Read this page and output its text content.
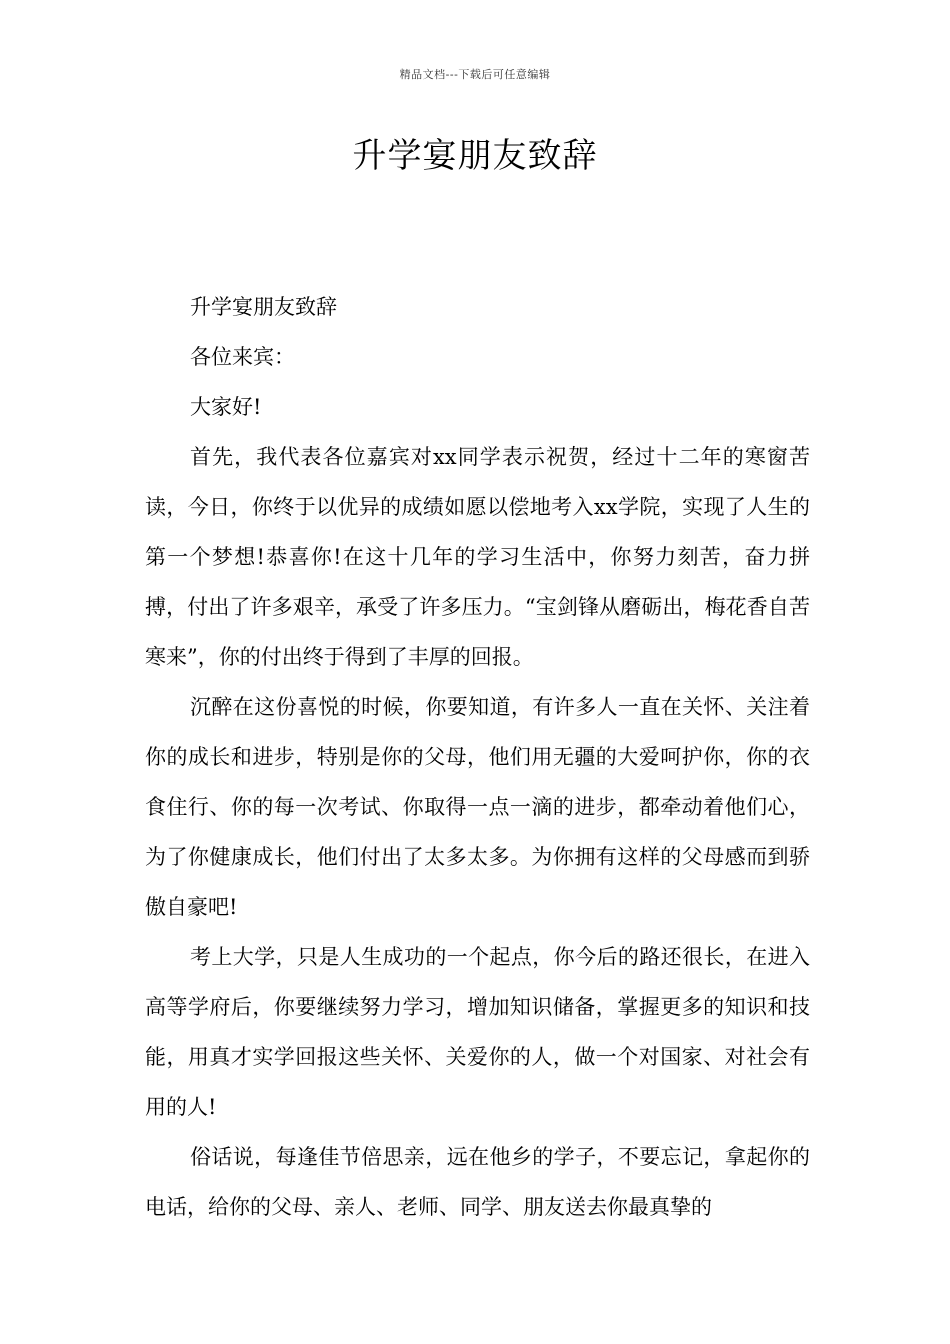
精品文档---下载后可任意编辑
升学宴朋友致辞

升学宴朋友致辞

各位来宾：

大家好!

首先，我代表各位嘉宾对xx同学表示祝贺，经过十二年的寒窗苦读，今日，你终于以优异的成绩如愿以偿地考入xx学院，实现了人生的第一个梦想!恭喜你!在这十几年的学习生活中，你努力刻苦，奋力拼搏，付出了许多艰辛，承受了许多压力。“宝剑锋从磨砺出，梅花香自苦寒来”，你的付出终于得到了丰厚的回报。

沉醉在这份喜悦的时候，你要知道，有许多人一直在关怀、关注着你的成长和进步，特别是你的父母，他们用无疆的大爱呵护你，你的衣食住行、你的每一次考试、你取得一点一滴的进步，都牵动着他们心，为了你健康成长，他们付出了太多太多。为你拥有这样的父母感而到骄傲自豪吧!

考上大学，只是人生成功的一个起点，你今后的路还很长，在进入高等学府后，你要继续努力学习，增加知识储备，掌握更多的知识和技能，用真才实学回报这些关怀、关爱你的人，做一个对国家、对社会有用的人!

俗话说，每逢佳节倍思亲，远在他乡的学子，不要忘记，拿起你的电话，给你的父母、亲人、老师、同学、朋友送去你最真挚的
